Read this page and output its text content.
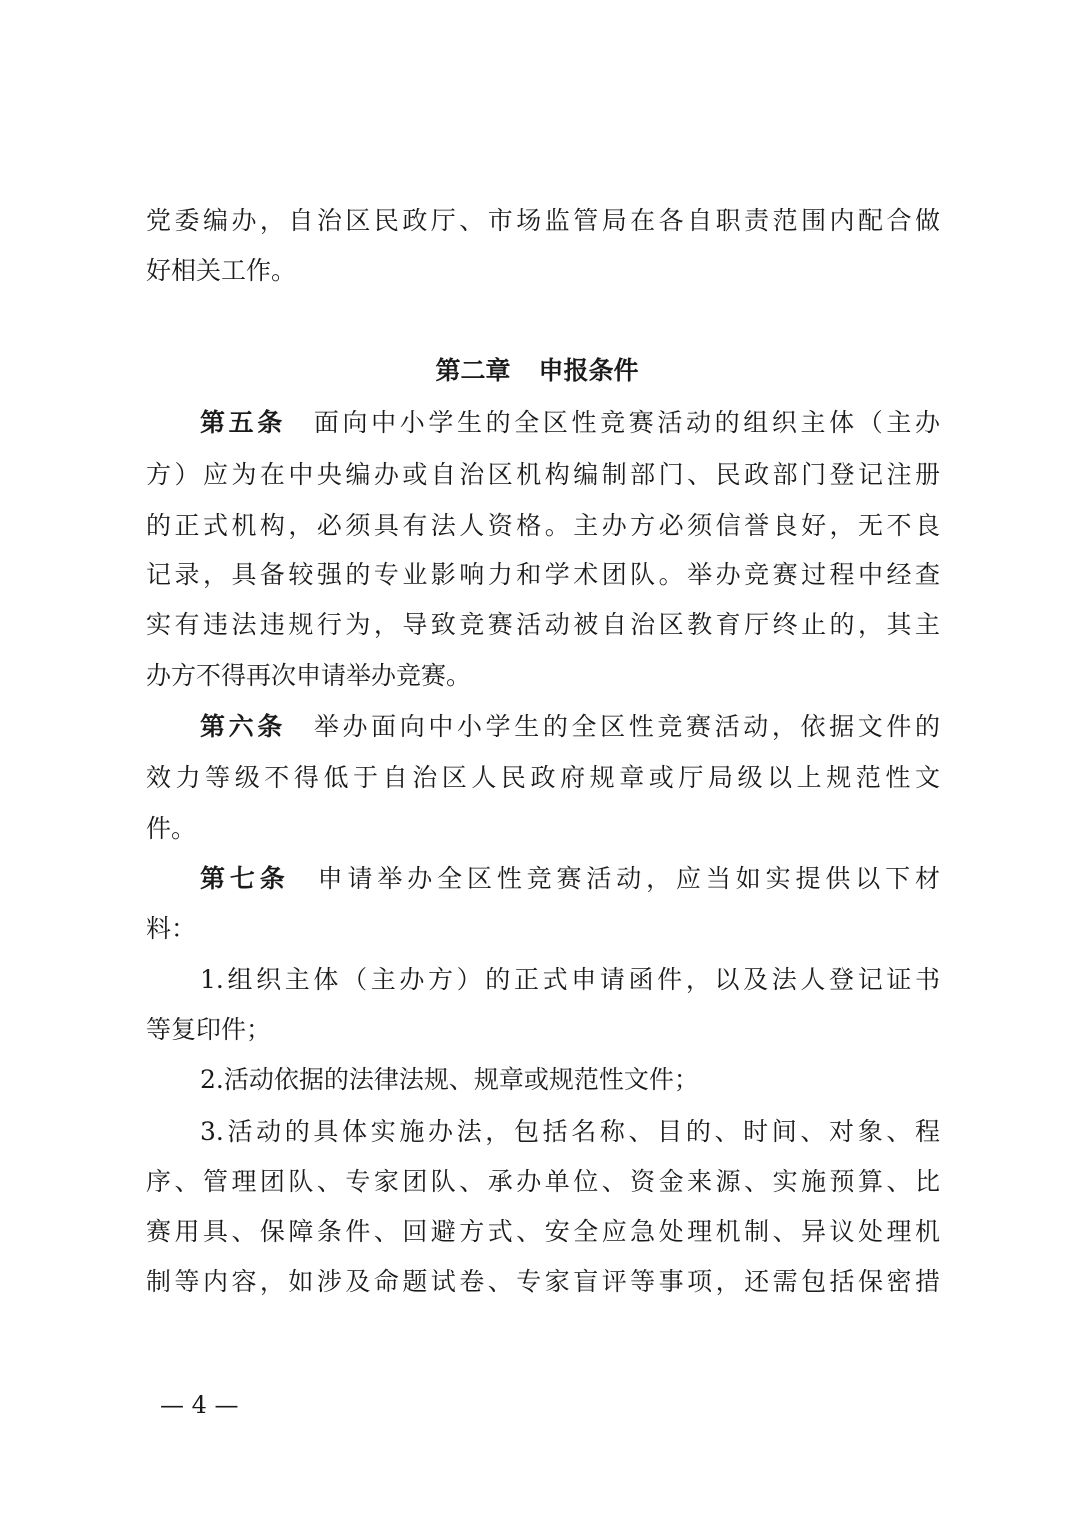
党委编办，自治区民政厅、市场监管局在各自职责范围内配合做
好相关工作。
第二章 申报条件
第五条 面向中小学生的全区性竞赛活动的组织主体（主办
方）应为在中央编办或自治区机构编制部门、民政部门登记注册
的正式机构，必须具有法人资格。主办方必须信誉良好，无不良
记录，具备较强的专业影响力和学术团队。举办竞赛过程中经查
实有违法违规行为，导致竞赛活动被自治区教育厅终止的，其主
办方不得再次申请举办竞赛。
第六条 举办面向中小学生的全区性竞赛活动，依据文件的
效力等级不得低于自治区人民政府规章或厅局级以上规范性文
件。
第七条 申请举办全区性竞赛活动，应当如实提供以下材
料：
1.组织主体（主办方）的正式申请函件，以及法人登记证书
等复印件；
2.活动依据的法律法规、规章或规范性文件；
3.活动的具体实施办法，包括名称、目的、时间、对象、程
序、管理团队、专家团队、承办单位、资金来源、实施预算、比
赛用具、保障条件、回避方式、安全应急处理机制、异议处理机
制等内容，如涉及命题试卷、专家盲评等事项，还需包括保密措
— 4 —
